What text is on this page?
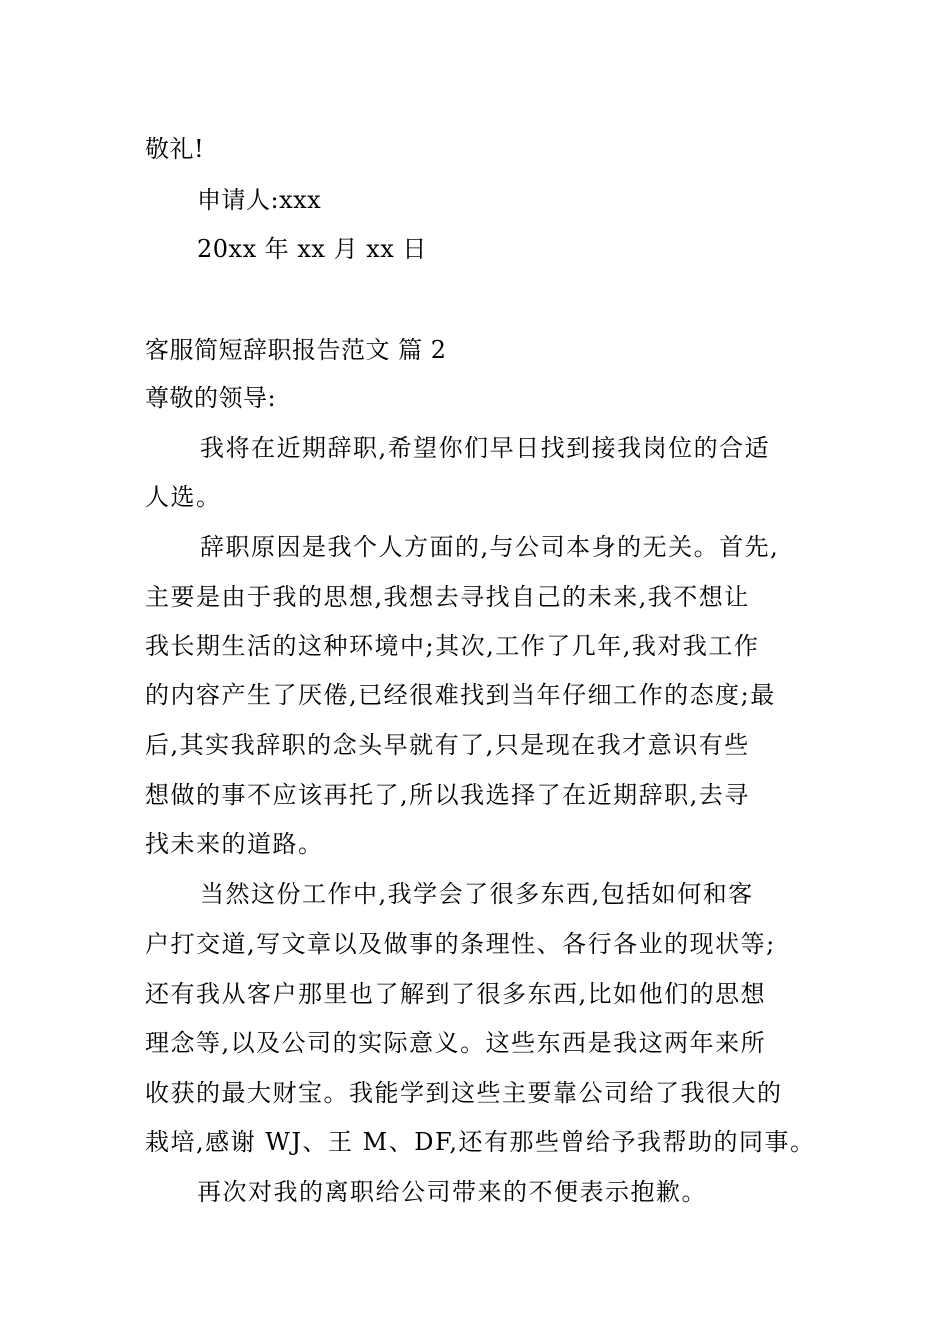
敬礼!
申请人:xxx
20xx 年 xx 月 xx 日
客服简短辞职报告范文 篇 2
尊敬的领导:
我将在近期辞职,希望你们早日找到接我岗位的合适
人选。
辞职原因是我个人方面的,与公司本身的无关。首先,
主要是由于我的思想,我想去寻找自己的未来,我不想让
我长期生活的这种环境中;其次,工作了几年,我对我工作
的内容产生了厌倦,已经很难找到当年仔细工作的态度;最
后,其实我辞职的念头早就有了,只是现在我才意识有些
想做的事不应该再托了,所以我选择了在近期辞职,去寻
找未来的道路。
当然这份工作中,我学会了很多东西,包括如何和客
户打交道,写文章以及做事的条理性、各行各业的现状等;
还有我从客户那里也了解到了很多东西,比如他们的思想
理念等,以及公司的实际意义。这些东西是我这两年来所
收获的最大财宝。我能学到这些主要靠公司给了我很大的
栽培,感谢 WJ、王 M、DF,还有那些曾给予我帮助的同事。
再次对我的离职给公司带来的不便表示抱歉。
